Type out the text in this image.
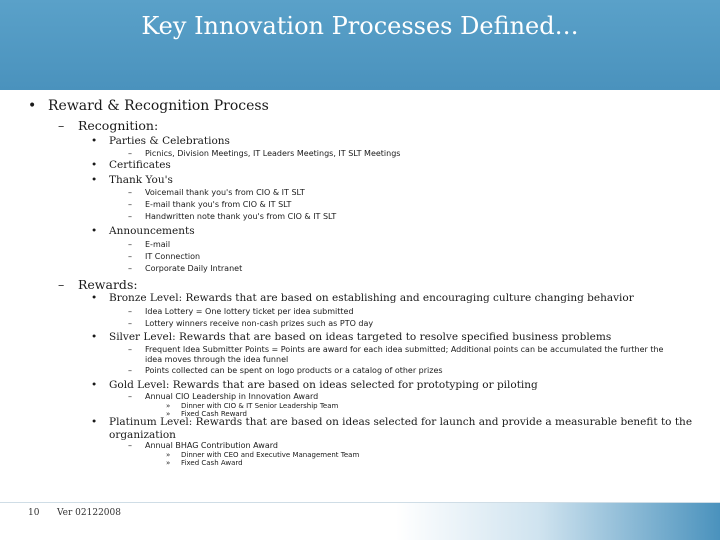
Key Innovation Processes Defined…
• Reward & Recognition Process
– Recognition:
• Parties & Celebrations
– Picnics, Division Meetings, IT Leaders Meetings, IT SLT Meetings
• Certificates
• Thank You's
– Voicemail thank you's from CIO & IT SLT
– E-mail thank you's from CIO & IT SLT
– Handwritten note thank you's from CIO & IT SLT
• Announcements
– E-mail
– IT Connection
– Corporate Daily Intranet
– Rewards:
• Bronze Level: Rewards that are based on establishing and encouraging culture changing behavior
– Idea Lottery = One lottery ticket per idea submitted
– Lottery winners receive non-cash prizes such as PTO day
• Silver Level: Rewards that are based on ideas targeted to resolve specified business problems
– Frequent Idea Submitter Points = Points are award for each idea submitted; Additional points can be accumulated the further the
idea moves through the idea funnel
– Points collected can be spent on logo products or a catalog of other prizes
• Gold Level: Rewards that are based on ideas selected for prototyping or piloting
– Annual CIO Leadership in Innovation Award
» Dinner with CIO & IT Senior Leadership Team
» Fixed Cash Reward
• Platinum Level: Rewards that are based on ideas selected for launch and provide a measurable benefit to the
organization
– Annual BHAG Contribution Award
» Dinner with CEO and Executive Management Team
» Fixed Cash Award
10 Ver 02122008
